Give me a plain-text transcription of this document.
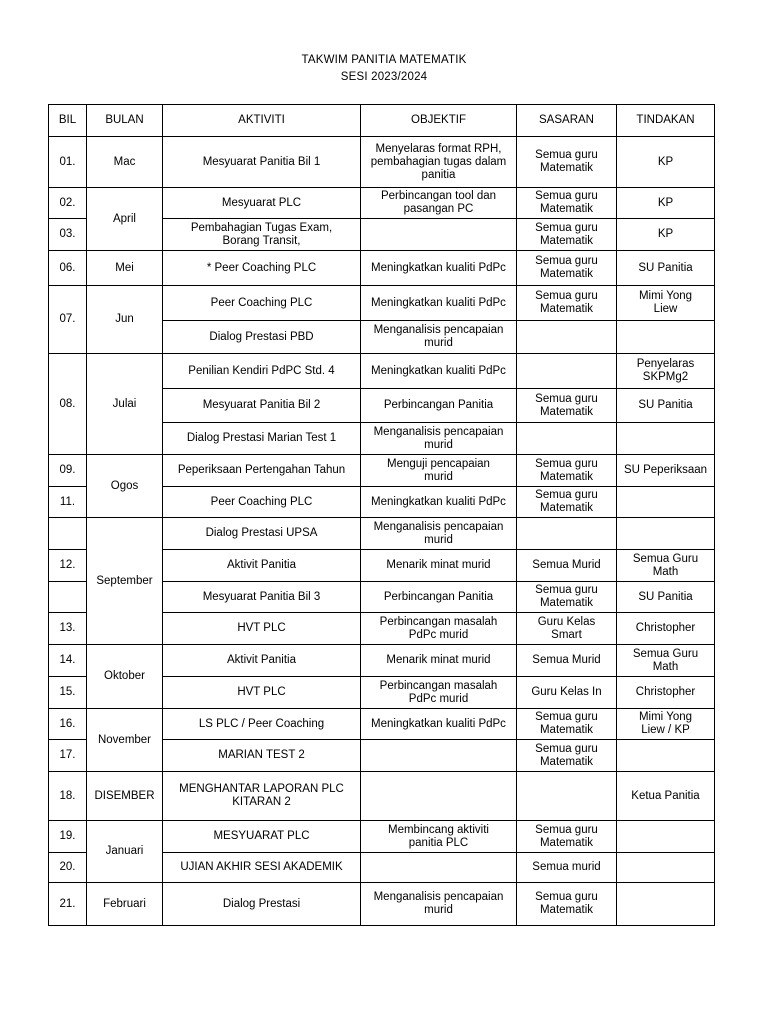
TAKWIM PANITIA MATEMATIK
SESI 2023/2024
BIL	BULAN	AKTIVITI	OBJEKTIF	SASARAN	TINDAKAN
01.	Mac	Mesyuarat Panitia Bil 1	Menyelaras format RPH,
pembahagian tugas dalam
panitia	Semua guru
Matematik	KP
02.	April	Mesyuarat PLC	Perbincangan tool dan
pasangan PC	Semua guru
Matematik	KP
03.		Pembahagian Tugas Exam,
Borang Transit,		Semua guru
Matematik	KP
06.	Mei	* Peer Coaching PLC	Meningkatkan kualiti PdPc	Semua guru
Matematik	SU Panitia
07.	Jun	Peer Coaching PLC	Meningkatkan kualiti PdPc	Semua guru
Matematik	Mimi Yong
Liew
		Dialog Prestasi PBD	Menganalisis pencapaian
murid		
08.	Julai	Penilian Kendiri PdPC Std. 4	Meningkatkan kualiti PdPc		Penyelaras
SKPMg2
		Mesyuarat Panitia Bil 2	Perbincangan Panitia	Semua guru
Matematik	SU Panitia
		Dialog Prestasi Marian Test 1	Menganalisis pencapaian
murid		
09.	Ogos	Peperiksaan Pertengahan Tahun	Menguji pencapaian
murid	Semua guru
Matematik	SU Peperiksaan
11.		Peer Coaching PLC	Meningkatkan kualiti PdPc	Semua guru
Matematik	
	September	Dialog Prestasi UPSA	Menganalisis pencapaian
murid		
12.		Aktivit Panitia	Menarik minat murid	Semua Murid	Semua Guru
Math
		Mesyuarat Panitia Bil 3	Perbincangan Panitia	Semua guru
Matematik	SU Panitia
13.		HVT PLC	Perbincangan masalah
PdPc murid	Guru Kelas
Smart	Christopher
14.	Oktober	Aktivit Panitia	Menarik minat murid	Semua Murid	Semua Guru
Math
15.		HVT PLC	Perbincangan masalah
PdPc murid	Guru Kelas In	Christopher
16.	November	LS PLC / Peer Coaching	Meningkatkan kualiti PdPc	Semua guru
Matematik	Mimi Yong
Liew / KP
17.		MARIAN TEST 2		Semua guru
Matematik	
18.	DISEMBER	MENGHANTAR LAPORAN PLC
KITARAN 2			Ketua Panitia
19.	Januari	MESYUARAT PLC	Membincang aktiviti
panitia PLC	Semua guru
Matematik	
20.		UJIAN AKHIR SESI AKADEMIK		Semua murid	
21.	Februari	Dialog Prestasi	Menganalisis pencapaian
murid	Semua guru
Matematik	
